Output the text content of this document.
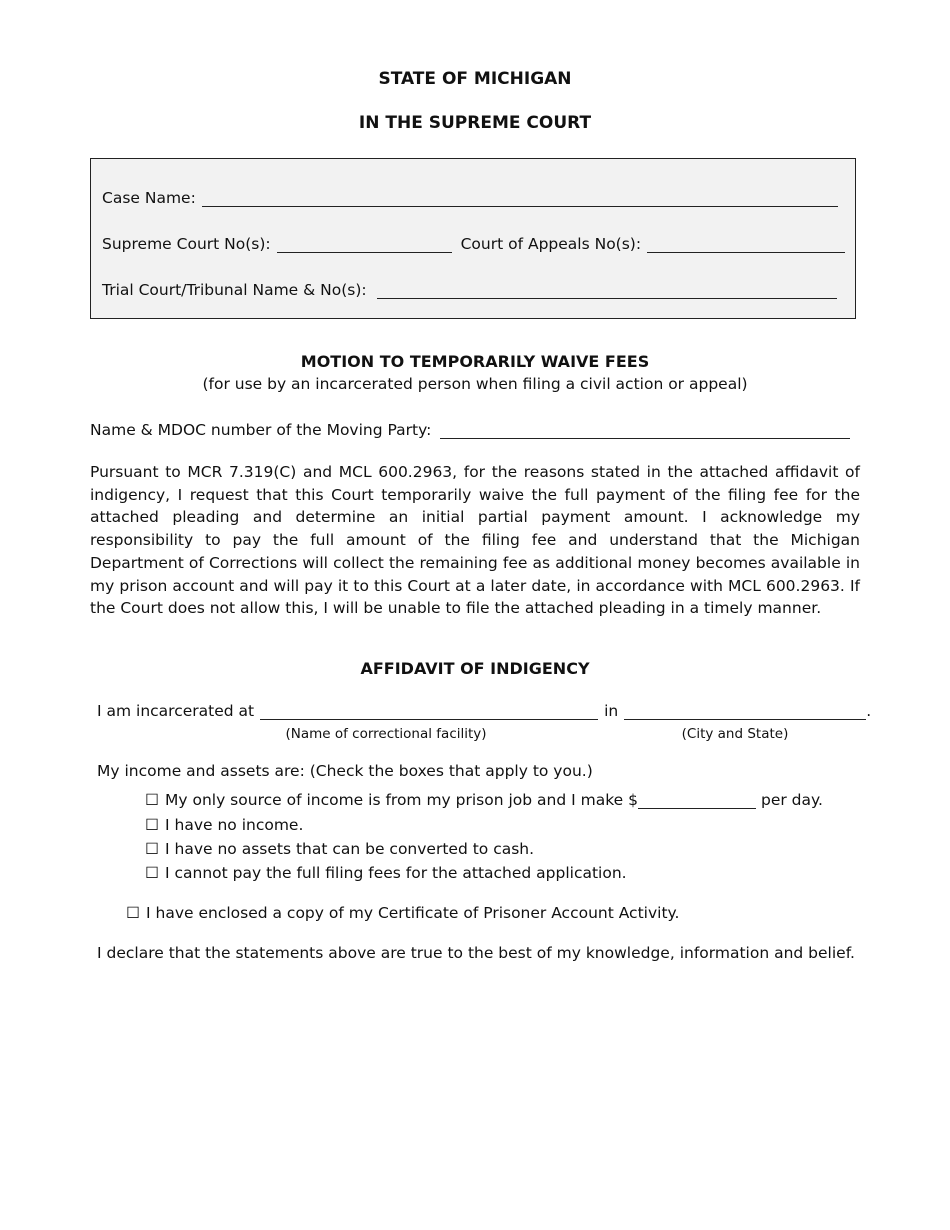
STATE OF MICHIGAN
IN THE SUPREME COURT
Case Name:
Supreme Court No(s):	Court of Appeals No(s):
Trial Court/Tribunal Name & No(s):
MOTION TO TEMPORARILY WAIVE FEES
(for use by an incarcerated person when filing a civil action or appeal)
Name & MDOC number of the Moving Party:
Pursuant to MCR 7.319(C) and MCL 600.2963, for the reasons stated in the attached affidavit of indigency, I request that this Court temporarily waive the full payment of the filing fee for the attached pleading and determine an initial partial payment amount. I acknowledge my responsibility to pay the full amount of the filing fee and understand that the Michigan Department of Corrections will collect the remaining fee as additional money becomes available in my prison account and will pay it to this Court at a later date, in accordance with MCL 600.2963. If the Court does not allow this, I will be unable to file the attached pleading in a timely manner.
AFFIDAVIT OF INDIGENCY
I am incarcerated at	in	.
(Name of correctional facility)	(City and State)
My income and assets are: (Check the boxes that apply to you.)
☐ My only source of income is from my prison job and I make $	per day.
☐ I have no income.
☐ I have no assets that can be converted to cash.
☐ I cannot pay the full filing fees for the attached application.
☐ I have enclosed a copy of my Certificate of Prisoner Account Activity.
I declare that the statements above are true to the best of my knowledge, information and belief.
